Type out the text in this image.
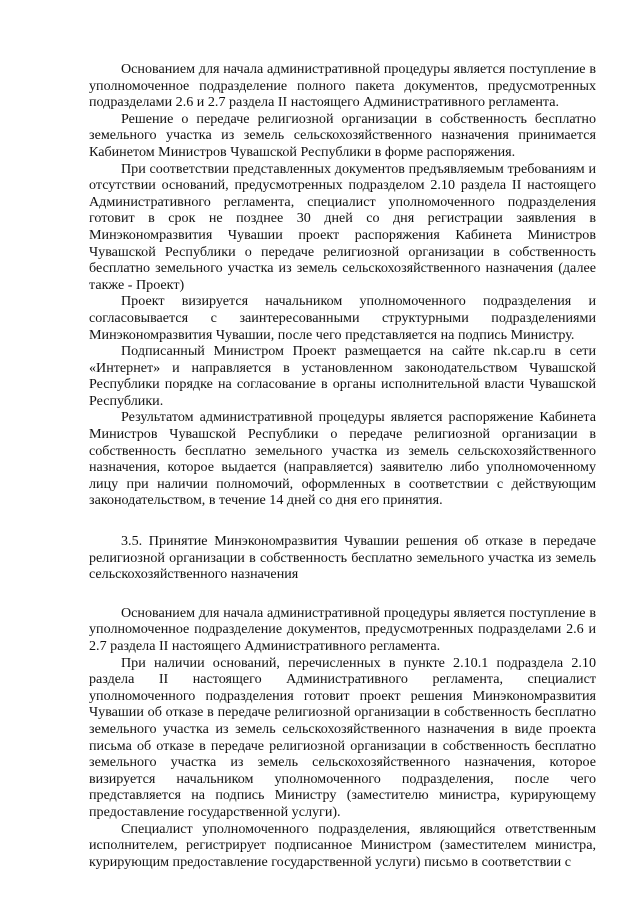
Основанием для начала административной процедуры является поступление в уполномоченное подразделение полного пакета документов, предусмотренных подразделами 2.6 и 2.7 раздела II настоящего Административного регламента.

Решение о передаче религиозной организации в собственность бесплатно земельного участка из земель сельскохозяйственного назначения принимается Кабинетом Министров Чувашской Республики в форме распоряжения.

При соответствии представленных документов предъявляемым требованиям и отсутствии оснований, предусмотренных подразделом 2.10 раздела II настоящего Административного регламента, специалист уполномоченного подразделения готовит в срок не позднее 30 дней со дня регистрации заявления в Минэкономразвития Чувашии проект распоряжения Кабинета Министров Чувашской Республики о передаче религиозной организации в собственность бесплатно земельного участка из земель сельскохозяйственного назначения (далее также - Проект)

Проект визируется начальником уполномоченного подразделения и согласовывается с заинтересованными структурными подразделениями Минэкономразвития Чувашии, после чего представляется на подпись Министру.

Подписанный Министром Проект размещается на сайте nk.cap.ru в сети «Интернет» и направляется в установленном законодательством Чувашской Республики порядке на согласование в органы исполнительной власти Чувашской Республики.

Результатом административной процедуры является распоряжение Кабинета Министров Чувашской Республики о передаче религиозной организации в собственность бесплатно земельного участка из земель сельскохозяйственного назначения, которое выдается (направляется) заявителю либо уполномоченному лицу при наличии полномочий, оформленных в соответствии с действующим законодательством, в течение 14 дней со дня его принятия.

3.5. Принятие Минэкономразвития Чувашии решения об отказе в передаче религиозной организации в собственность бесплатно земельного участка из земель сельскохозяйственного назначения

Основанием для начала административной процедуры является поступление в уполномоченное подразделение документов, предусмотренных подразделами 2.6 и 2.7 раздела II настоящего Административного регламента.

При наличии оснований, перечисленных в пункте 2.10.1 подраздела 2.10 раздела II настоящего Административного регламента, специалист уполномоченного подразделения готовит проект решения Минэкономразвития Чувашии об отказе в передаче религиозной организации в собственность бесплатно земельного участка из земель сельскохозяйственного назначения в виде проекта письма об отказе в передаче религиозной организации в собственность бесплатно земельного участка из земель сельскохозяйственного назначения, которое визируется начальником уполномоченного подразделения, после чего представляется на подпись Министру (заместителю министра, курирующему предоставление государственной услуги).

Специалист уполномоченного подразделения, являющийся ответственным исполнителем, регистрирует подписанное Министром (заместителем министра, курирующим предоставление государственной услуги) письмо в соответствии с
